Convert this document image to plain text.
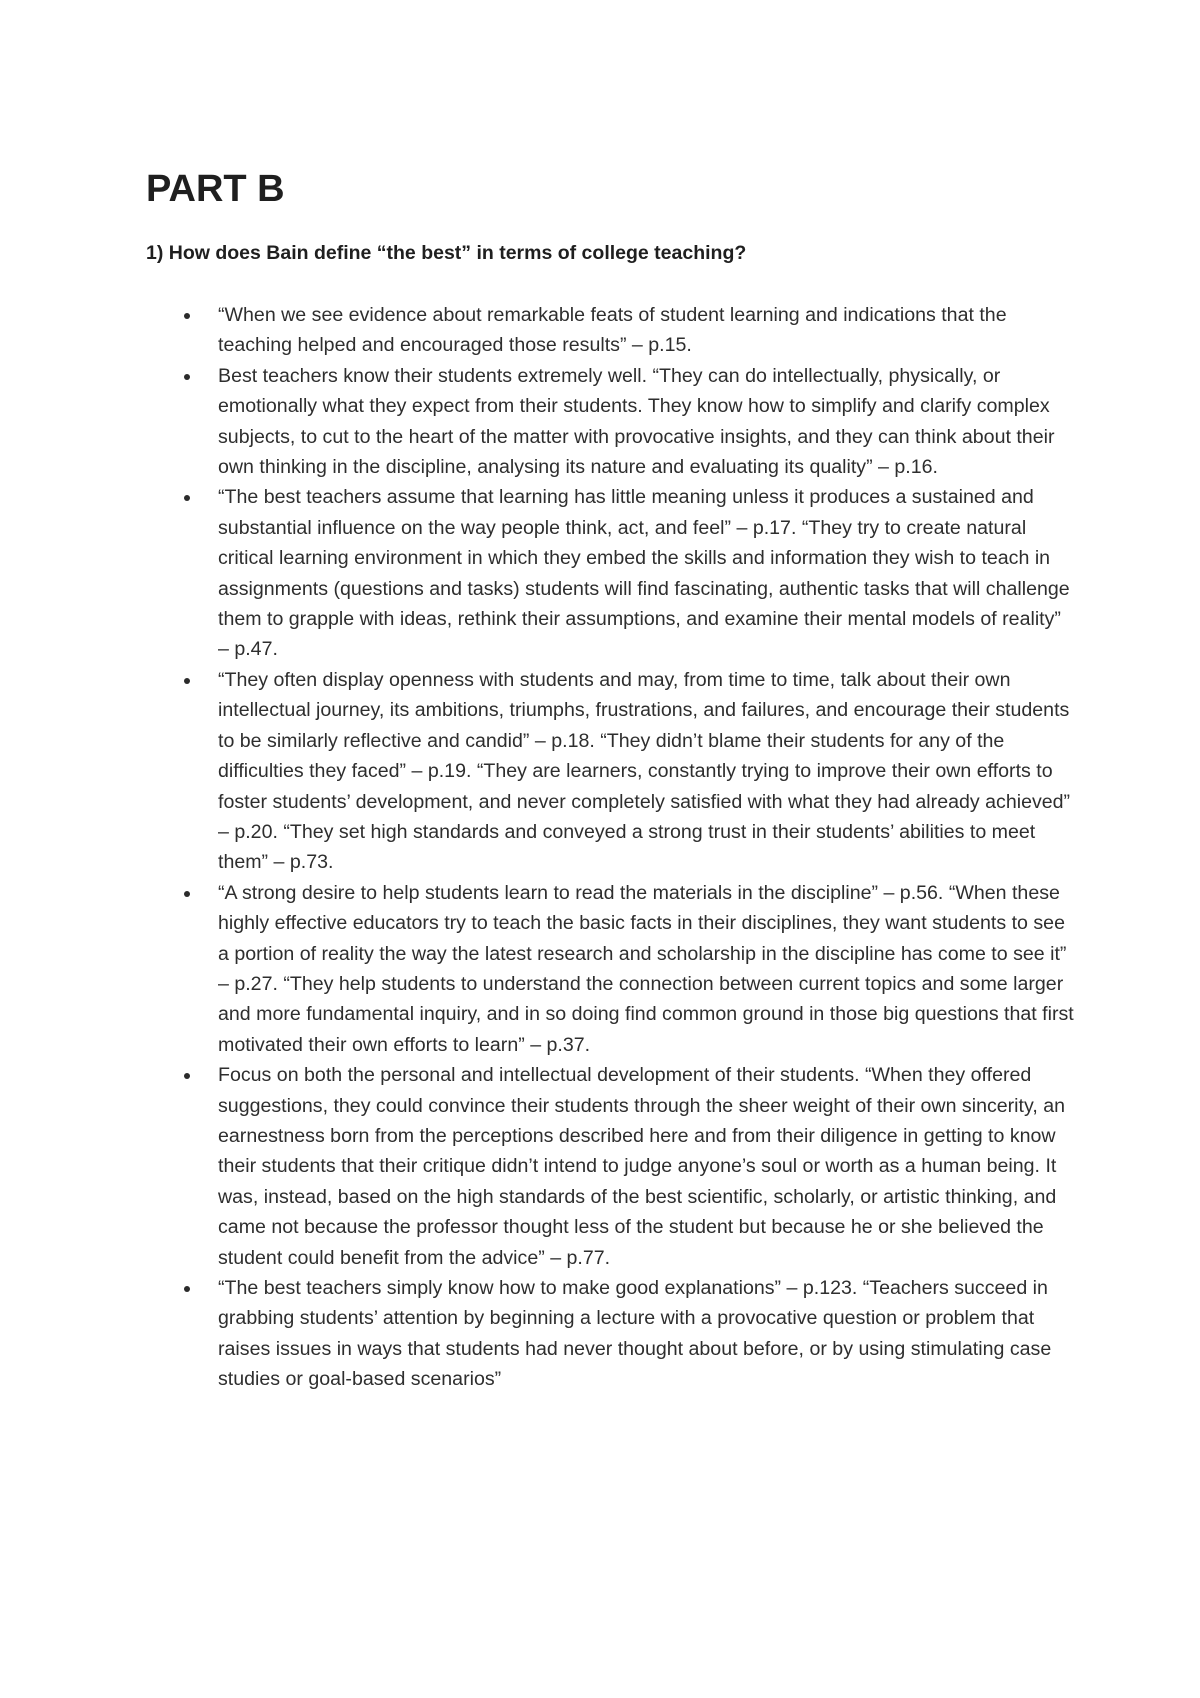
PART B

1) How does Bain define “the best” in terms of college teaching?

“When we see evidence about remarkable feats of student learning and indications that the teaching helped and encouraged those results” – p.15.
Best teachers know their students extremely well. “They can do intellectually, physically, or emotionally what they expect from their students. They know how to simplify and clarify complex subjects, to cut to the heart of the matter with provocative insights, and they can think about their own thinking in the discipline, analysing its nature and evaluating its quality” – p.16.
“The best teachers assume that learning has little meaning unless it produces a sustained and substantial influence on the way people think, act, and feel” – p.17. “They try to create natural critical learning environment in which they embed the skills and information they wish to teach in assignments (questions and tasks) students will find fascinating, authentic tasks that will challenge them to grapple with ideas, rethink their assumptions, and examine their mental models of reality” – p.47.
“They often display openness with students and may, from time to time, talk about their own intellectual journey, its ambitions, triumphs, frustrations, and failures, and encourage their students to be similarly reflective and candid” – p.18. “They didn’t blame their students for any of the difficulties they faced” – p.19. “They are learners, constantly trying to improve their own efforts to foster students’ development, and never completely satisfied with what they had already achieved” – p.20. “They set high standards and conveyed a strong trust in their students’ abilities to meet them” – p.73.
“A strong desire to help students learn to read the materials in the discipline” – p.56. “When these highly effective educators try to teach the basic facts in their disciplines, they want students to see a portion of reality the way the latest research and scholarship in the discipline has come to see it” – p.27. “They help students to understand the connection between current topics and some larger and more fundamental inquiry, and in so doing find common ground in those big questions that first motivated their own efforts to learn” – p.37.
Focus on both the personal and intellectual development of their students. “When they offered suggestions, they could convince their students through the sheer weight of their own sincerity, an earnestness born from the perceptions described here and from their diligence in getting to know their students that their critique didn’t intend to judge anyone’s soul or worth as a human being. It was, instead, based on the high standards of the best scientific, scholarly, or artistic thinking, and came not because the professor thought less of the student but because he or she believed the student could benefit from the advice” – p.77.
“The best teachers simply know how to make good explanations” – p.123. “Teachers succeed in grabbing students’ attention by beginning a lecture with a provocative question or problem that raises issues in ways that students had never thought about before, or by using stimulating case studies or goal-based scenarios”
